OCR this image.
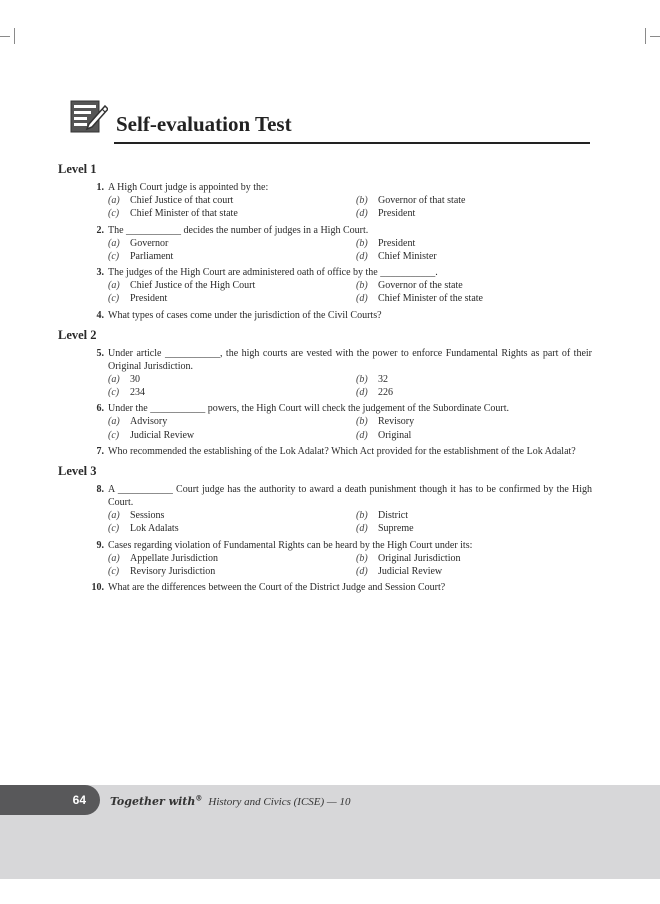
Self-evaluation Test
Level 1
1. A High Court judge is appointed by the:
(a) Chief Justice of that court	(b) Governor of that state
(c) Chief Minister of that state	(d) President
2. The ___________ decides the number of judges in a High Court.
(a) Governor	(b) President
(c) Parliament	(d) Chief Minister
3. The judges of the High Court are administered oath of office by the ___________.
(a) Chief Justice of the High Court	(b) Governor of the state
(c) President	(d) Chief Minister of the state
4. What types of cases come under the jurisdiction of the Civil Courts?
Level 2
5. Under article ___________, the high courts are vested with the power to enforce Fundamental Rights as part of their Original Jurisdiction.
(a) 30	(b) 32
(c) 234	(d) 226
6. Under the ___________ powers, the High Court will check the judgement of the Subordinate Court.
(a) Advisory	(b) Revisory
(c) Judicial Review	(d) Original
7. Who recommended the establishing of the Lok Adalat? Which Act provided for the establishment of the Lok Adalat?
Level 3
8. A ___________ Court judge has the authority to award a death punishment though it has to be confirmed by the High Court.
(a) Sessions	(b) District
(c) Lok Adalats	(d) Supreme
9. Cases regarding violation of Fundamental Rights can be heard by the High Court under its:
(a) Appellate Jurisdiction	(b) Original Jurisdiction
(c) Revisory Jurisdiction	(d) Judicial Review
10. What are the differences between the Court of the District Judge and Session Court?
64	Together with® History and Civics (ICSE) — 10
